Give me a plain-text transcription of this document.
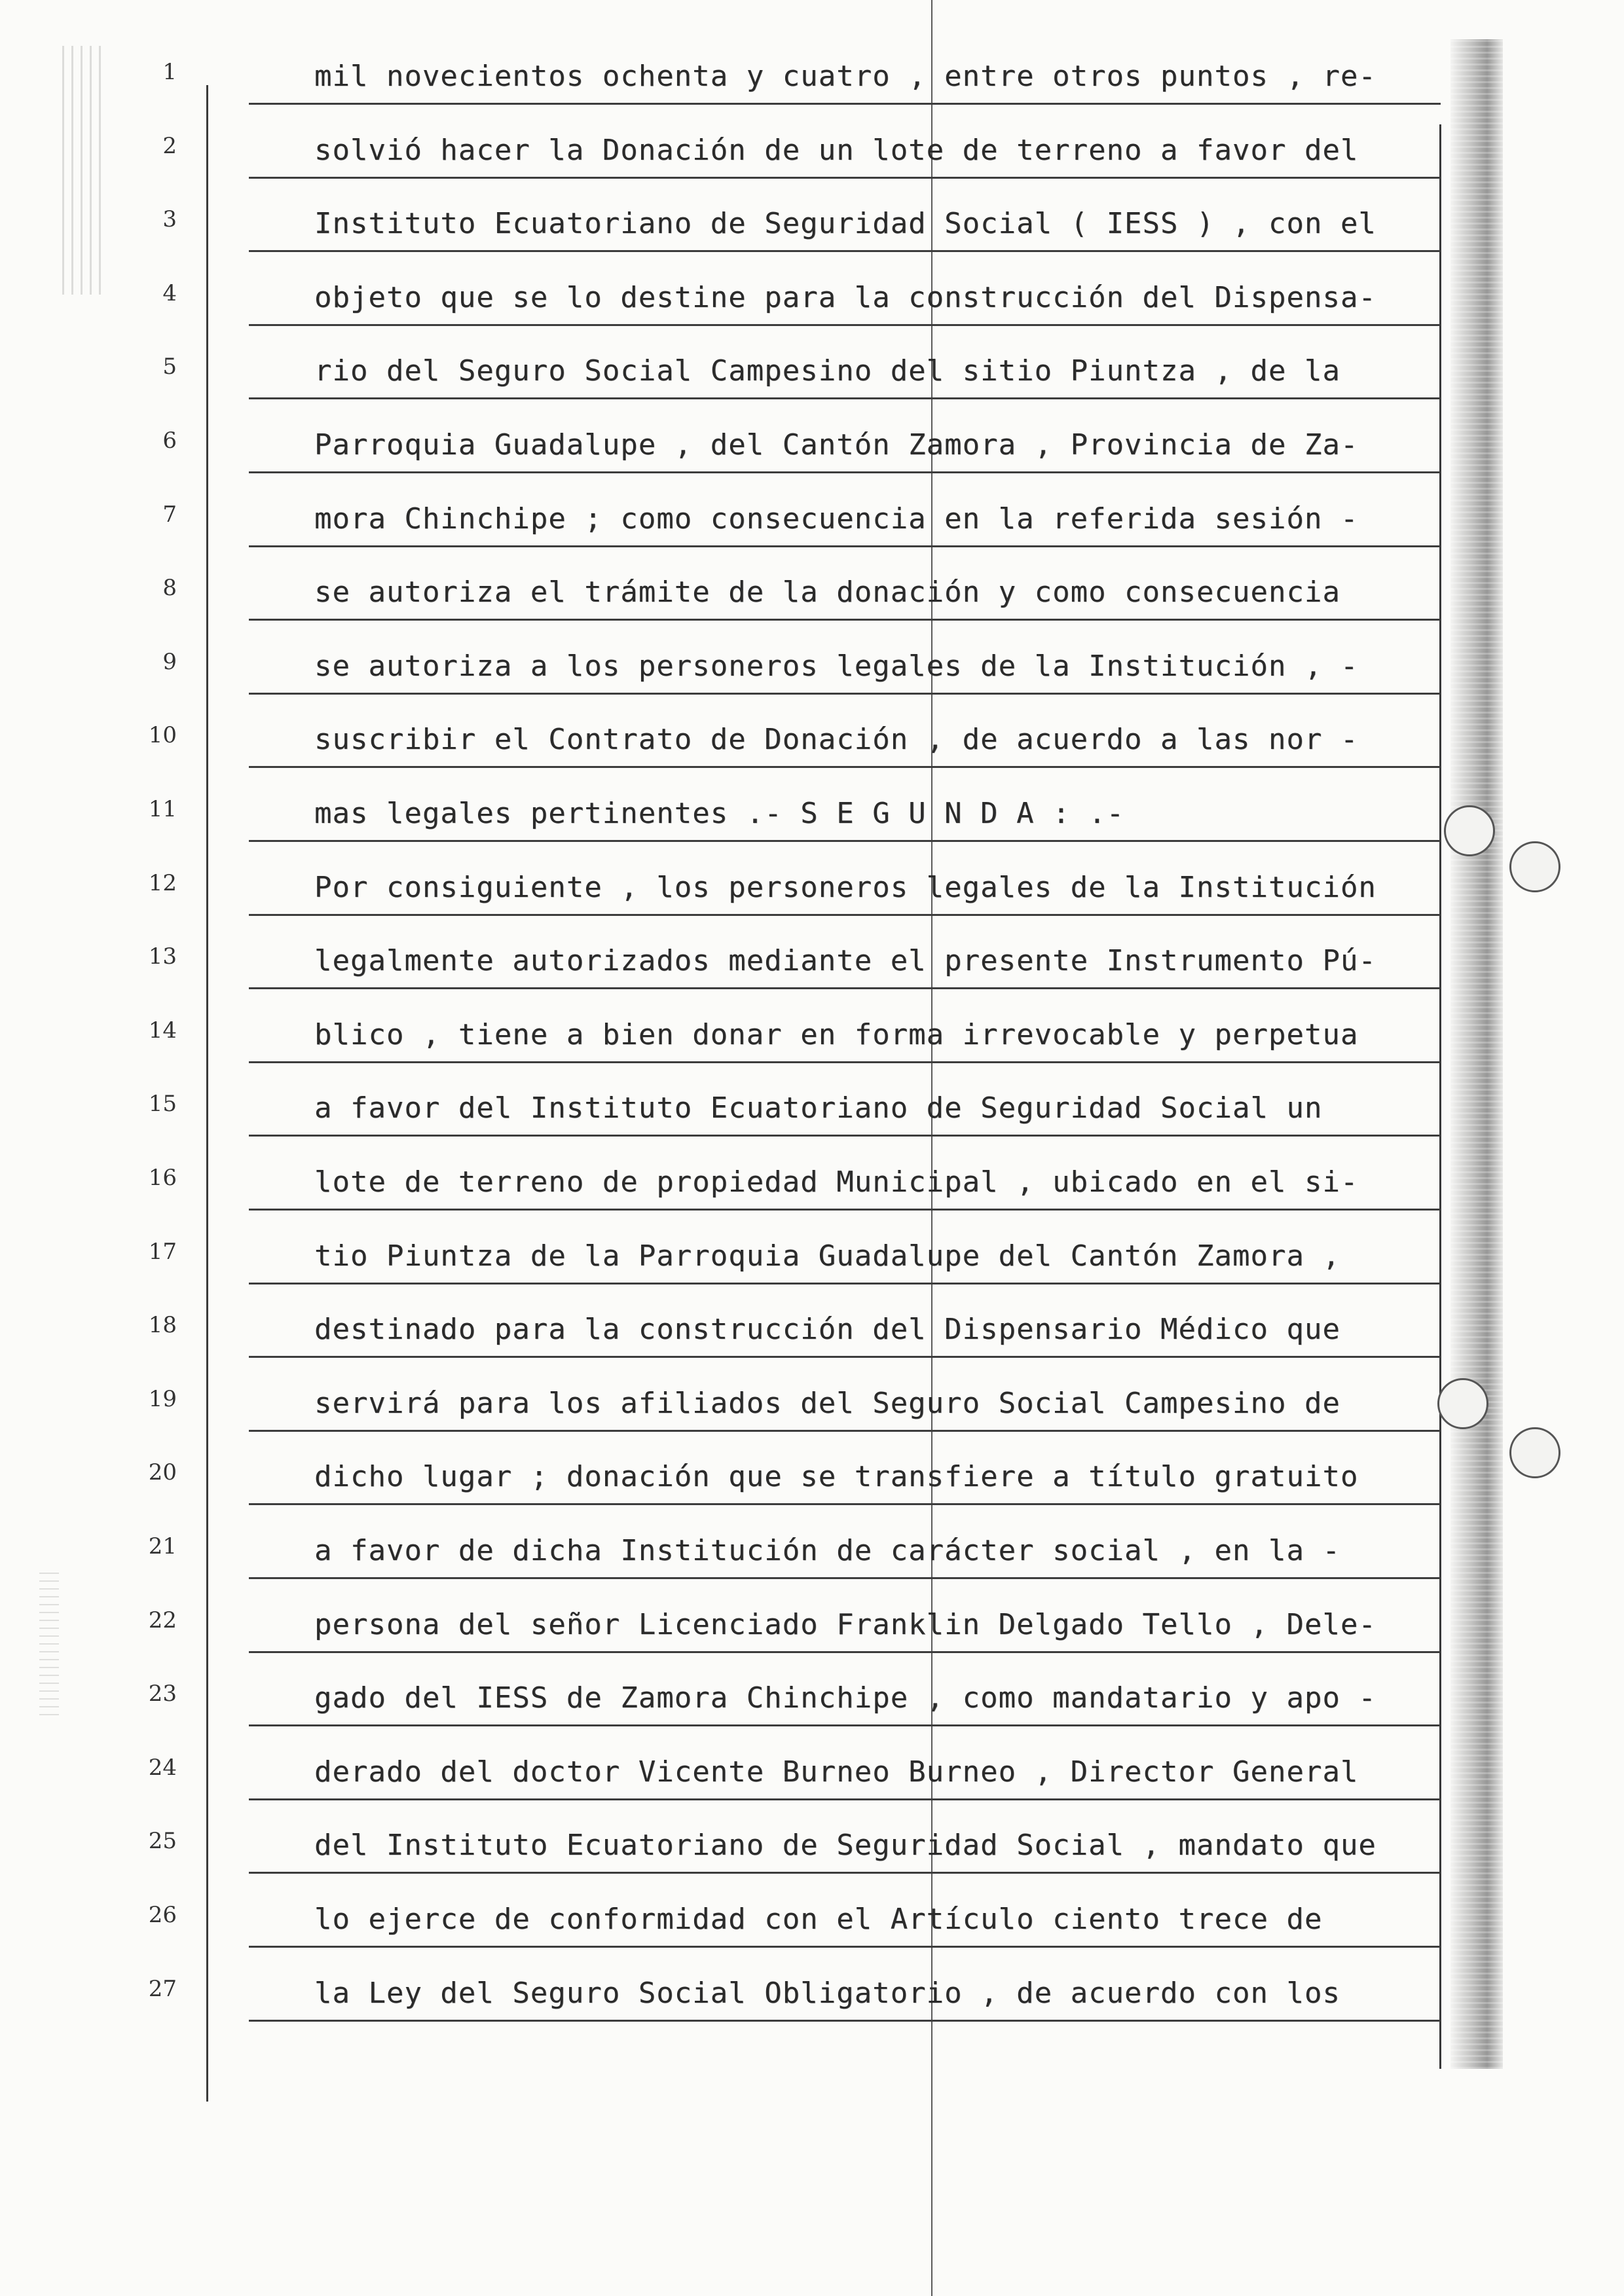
1	mil novecientos ochenta y cuatro , entre otros puntos , re-
2	solvió hacer la Donación de un lote de terreno a favor del
3	Instituto Ecuatoriano de Seguridad Social ( IESS ) , con el
4	objeto que se lo destine para la construcción del Dispensa-
5	rio del Seguro Social Campesino del sitio Piuntza , de la
6	Parroquia Guadalupe , del Cantón Zamora , Provincia de Za-
7	mora Chinchipe ; como consecuencia en la referida sesión -
8	se autoriza el trámite de la donación y como consecuencia
9	se autoriza a los personeros legales de la Institución , -
10	suscribir el Contrato de Donación , de acuerdo a las nor -
11	mas legales pertinentes .- S E G U N D A : .-
12	Por consiguiente , los personeros legales de la Institución
13	legalmente autorizados mediante el presente Instrumento Pú-
14	blico , tiene a bien donar en forma irrevocable y perpetua
15	a favor del Instituto Ecuatoriano de Seguridad Social un
16	lote de terreno de propiedad Municipal , ubicado en el si-
17	tio Piuntza de la Parroquia Guadalupe del Cantón Zamora ,
18	destinado para la construcción del Dispensario Médico que
19	servirá para los afiliados del Seguro Social Campesino de
20	dicho lugar ; donación que se transfiere a título gratuito
21	a favor de dicha Institución de carácter social , en la -
22	persona del señor Licenciado Franklin Delgado Tello , Dele-
23	gado del IESS de Zamora Chinchipe , como mandatario y apo -
24	derado del doctor Vicente Burneo Burneo , Director General
25	del Instituto Ecuatoriano de Seguridad Social , mandato que
26	lo ejerce de conformidad con el Artículo ciento trece de
27	la Ley del Seguro Social Obligatorio , de acuerdo con los
